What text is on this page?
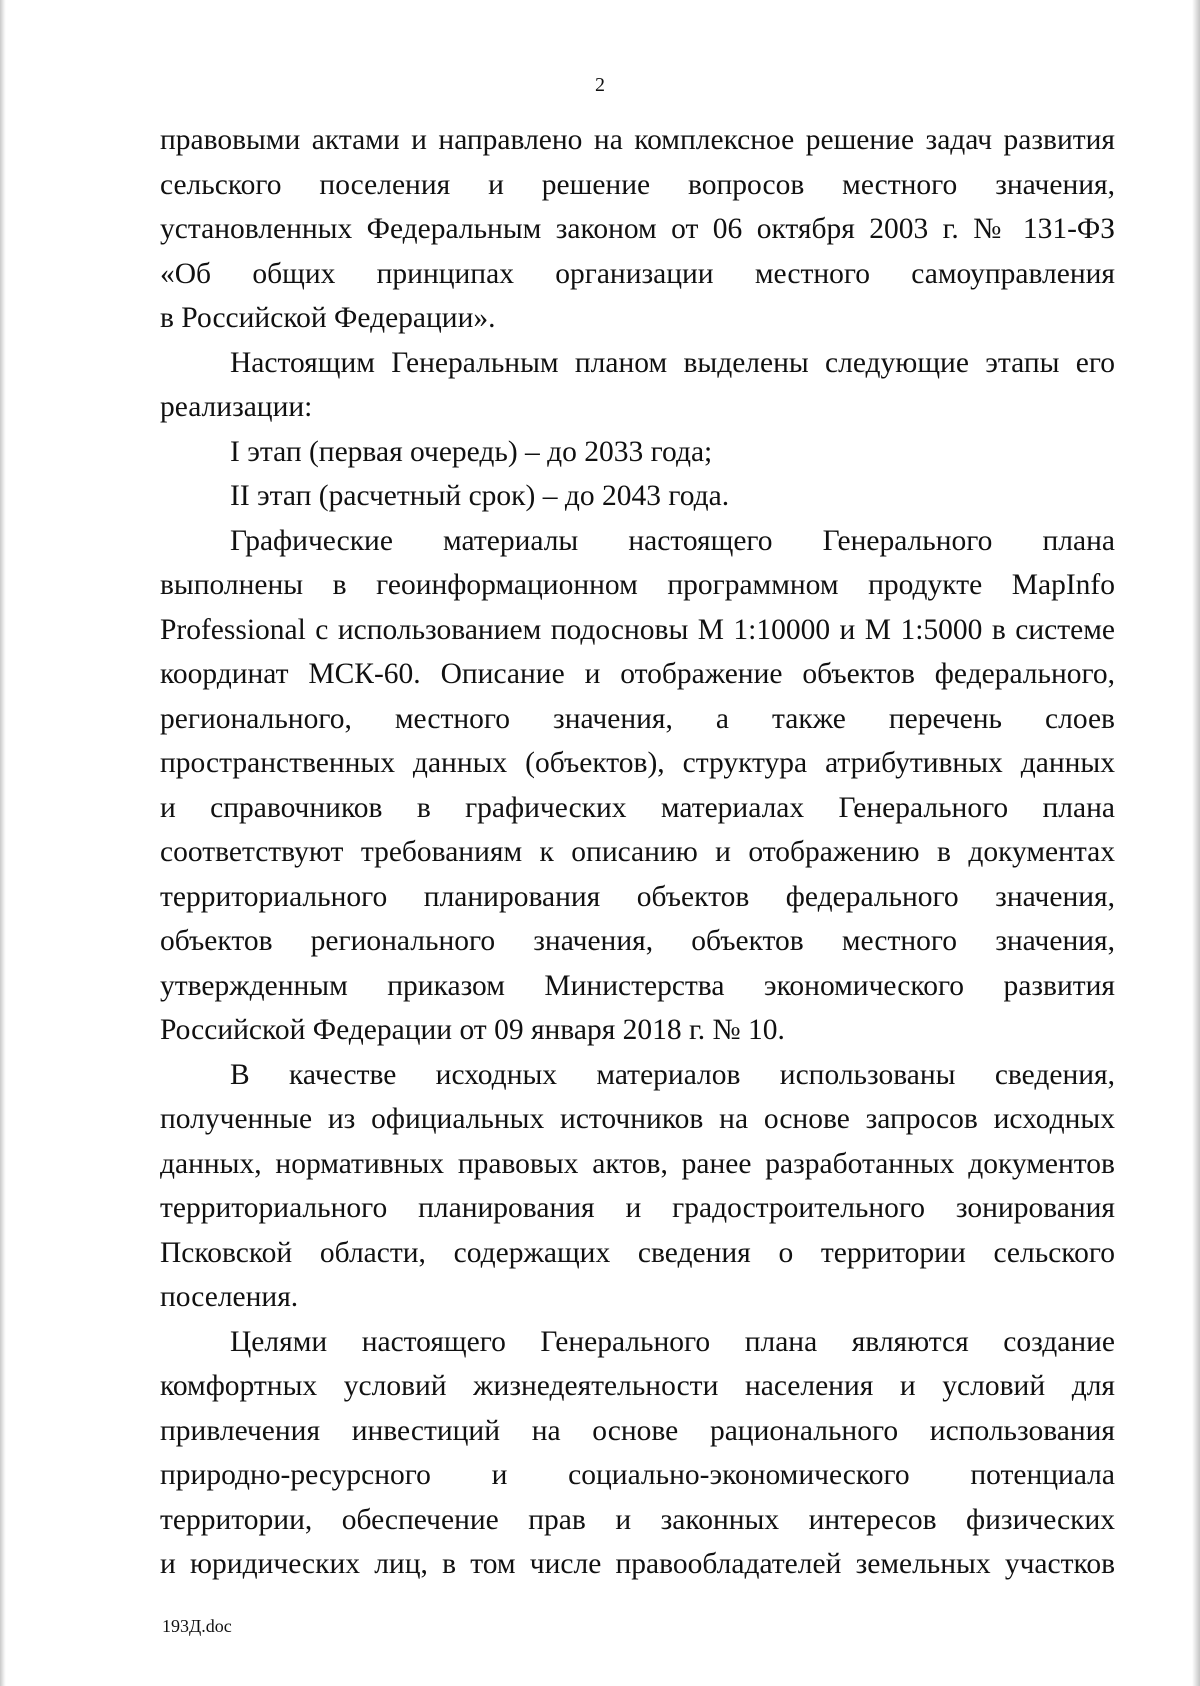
2
правовыми актами и направлено на комплексное решение задач развития
сельского поселения и решение вопросов местного значения,
установленных Федеральным законом от 06 октября 2003 г. № 131-ФЗ
«Об общих принципах организации местного самоуправления
в Российской Федерации».
Настоящим Генеральным планом выделены следующие этапы его
реализации:
I этап (первая очередь) – до 2033 года;
II этап (расчетный срок) – до 2043 года.
Графические материалы настоящего Генерального плана
выполнены в геоинформационном программном продукте MapInfo
Professional с использованием подосновы М 1:10000 и М 1:5000 в системе
координат МСК-60. Описание и отображение объектов федерального,
регионального, местного значения, а также перечень слоев
пространственных данных (объектов), структура атрибутивных данных
и справочников в графических материалах Генерального плана
соответствуют требованиям к описанию и отображению в документах
территориального планирования объектов федерального значения,
объектов регионального значения, объектов местного значения,
утвержденным приказом Министерства экономического развития
Российской Федерации от 09 января 2018 г. № 10.
В качестве исходных материалов использованы сведения,
полученные из официальных источников на основе запросов исходных
данных, нормативных правовых актов, ранее разработанных документов
территориального планирования и градостроительного зонирования
Псковской области, содержащих сведения о территории сельского
поселения.
Целями настоящего Генерального плана являются создание
комфортных условий жизнедеятельности населения и условий для
привлечения инвестиций на основе рационального использования
природно-ресурсного и социально-экономического потенциала
территории, обеспечение прав и законных интересов физических
и юридических лиц, в том числе правообладателей земельных участков
193Д.doc
